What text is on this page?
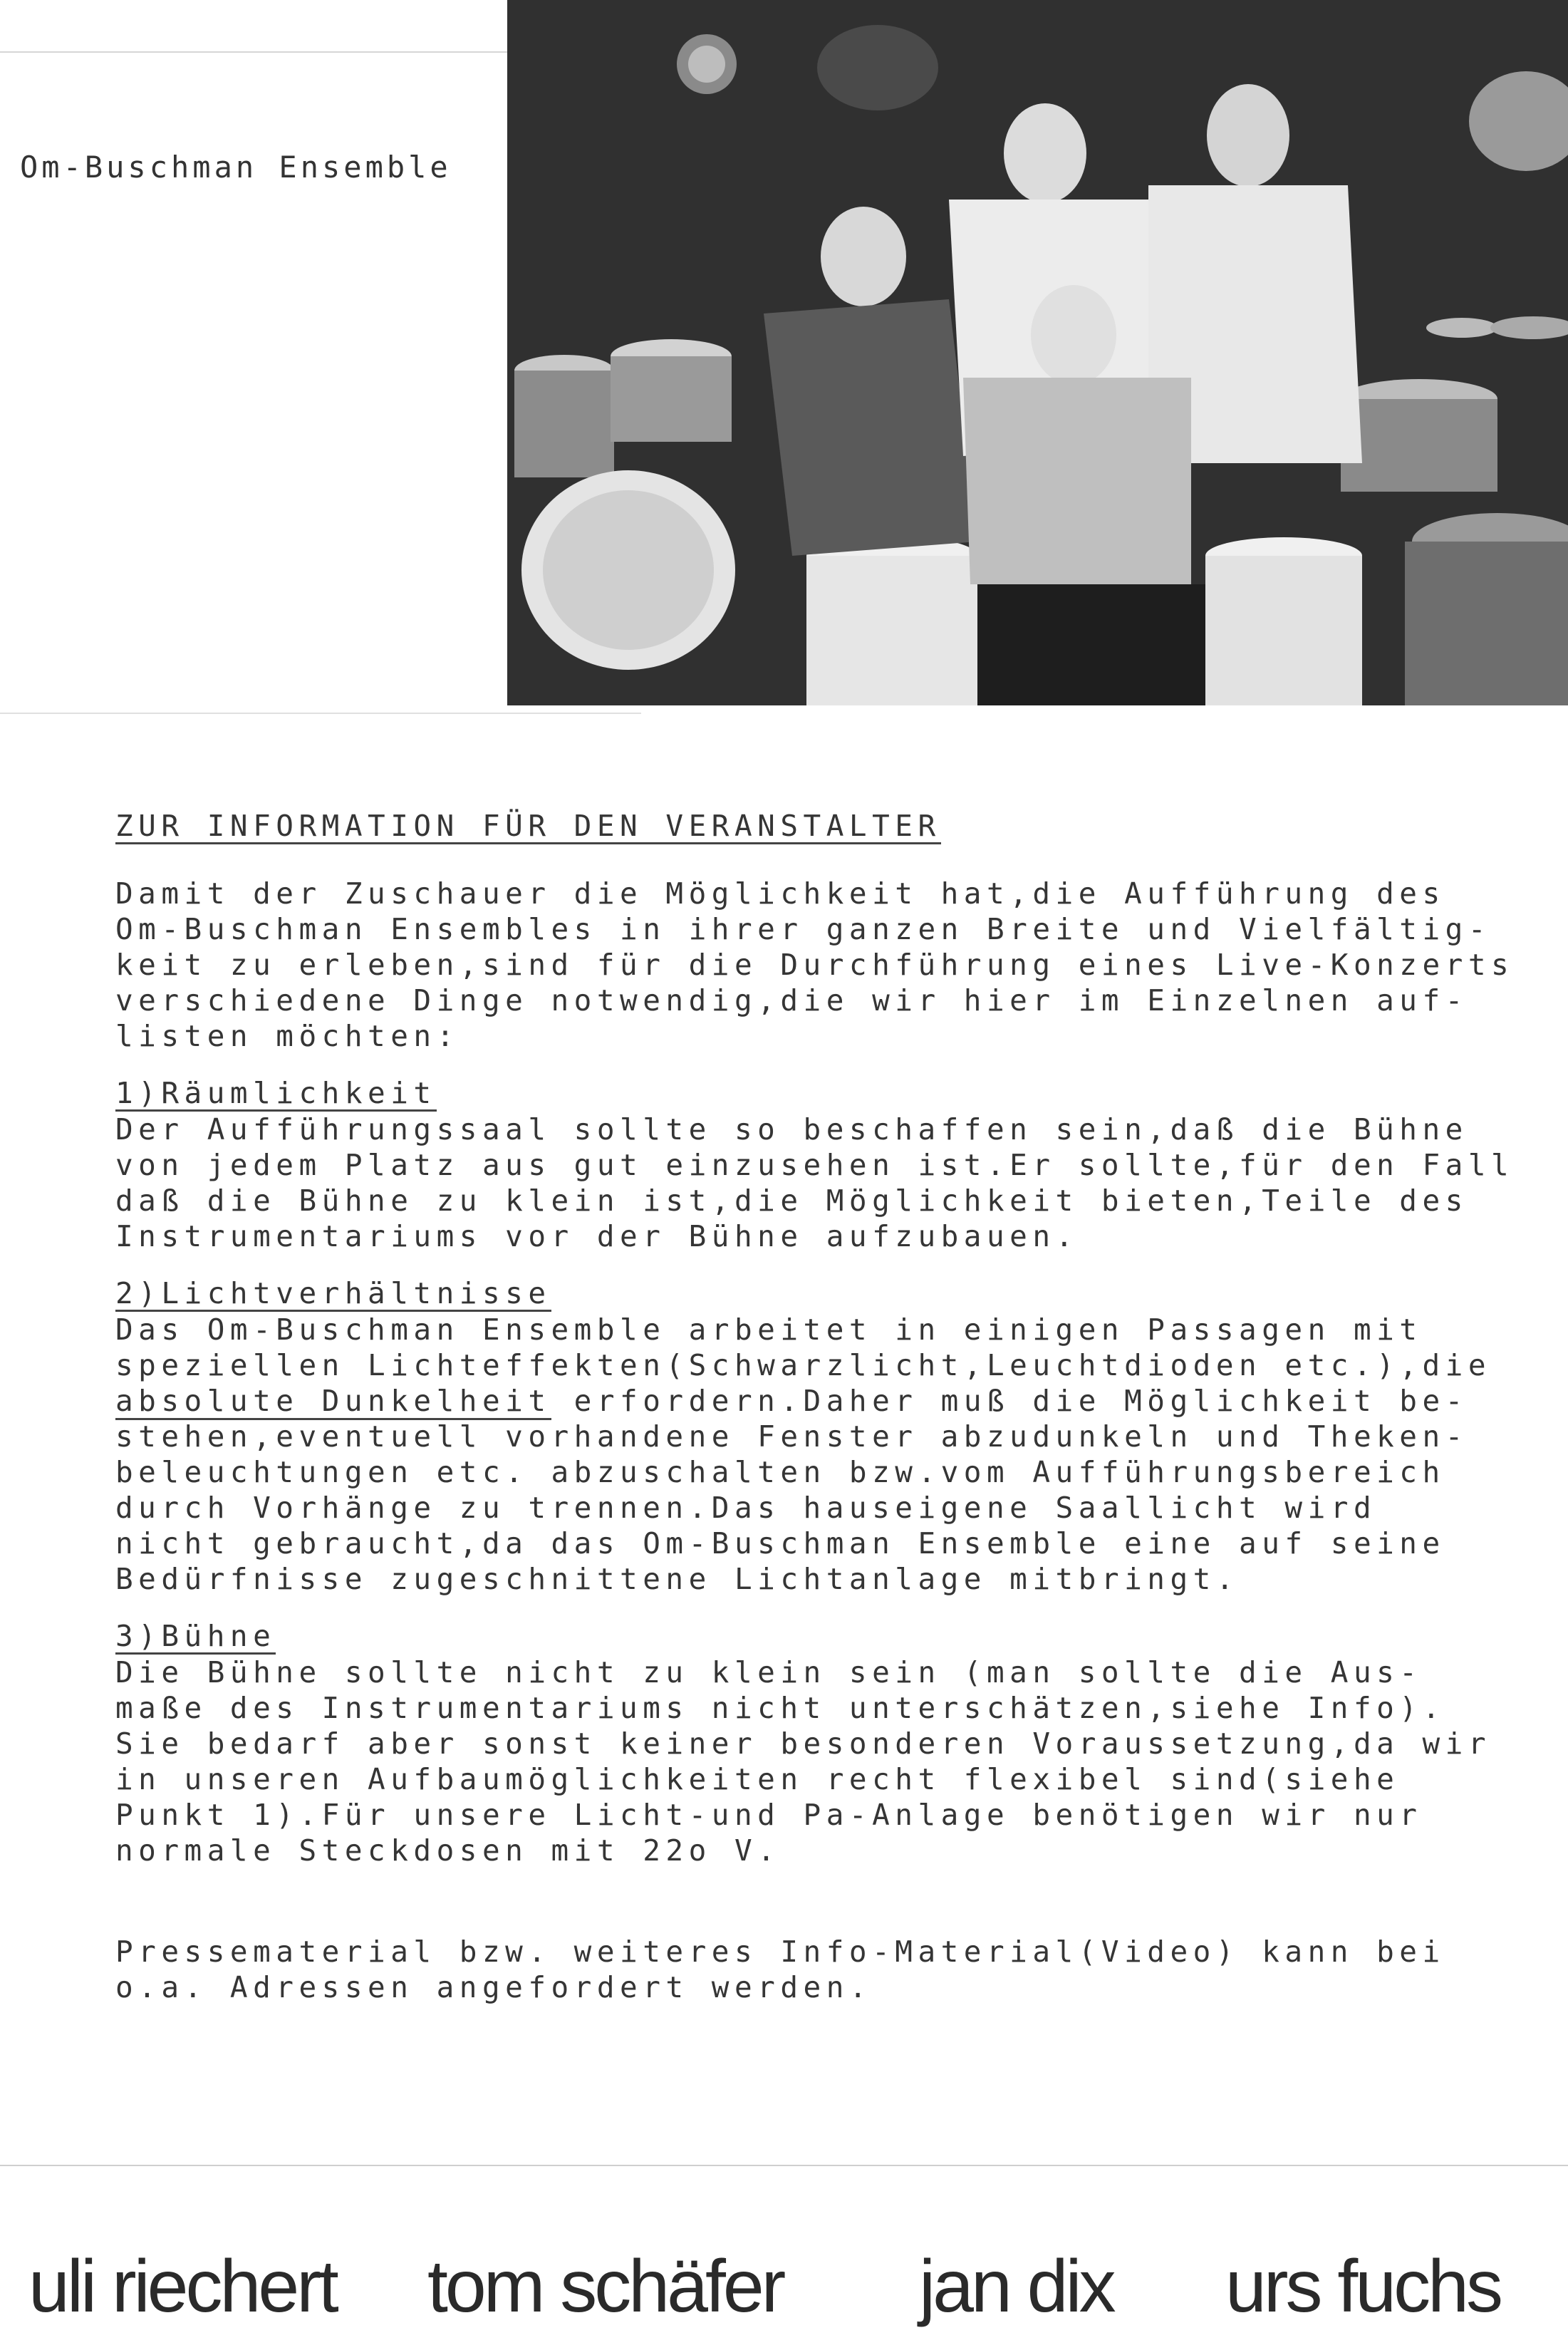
Om-Buschman Ensemble
ZUR INFORMATION FÜR DEN VERANSTALTER
Damit der Zuschauer die Möglichkeit hat,die Aufführung des
Om-Buschman Ensembles in ihrer ganzen Breite und Vielfältig-
keit zu erleben,sind für die Durchführung eines Live-Konzerts
verschiedene Dinge notwendig,die wir hier im Einzelnen auf-
listen möchten:
1)Räumlichkeit
Der Aufführungssaal sollte so beschaffen sein,daß die Bühne
von jedem Platz aus gut einzusehen ist.Er sollte,für den Fall
daß die Bühne zu klein ist,die Möglichkeit bieten,Teile des
Instrumentariums vor der Bühne aufzubauen.
2)Lichtverhältnisse
Das Om-Buschman Ensemble arbeitet in einigen Passagen mit
speziellen Lichteffekten(Schwarzlicht,Leuchtdioden etc.),die
absolute Dunkelheit erfordern.Daher muß die Möglichkeit be-
stehen,eventuell vorhandene Fenster abzudunkeln und Theken-
beleuchtungen etc. abzuschalten bzw.vom Aufführungsbereich
durch Vorhänge zu trennen.Das hauseigene Saallicht wird
nicht gebraucht,da das Om-Buschman Ensemble eine auf seine
Bedürfnisse zugeschnittene Lichtanlage mitbringt.
3)Bühne
Die Bühne sollte nicht zu klein sein (man sollte die Aus-
maße des Instrumentariums nicht unterschätzen,siehe Info).
Sie bedarf aber sonst keiner besonderen Voraussetzung,da wir
in unseren Aufbaumöglichkeiten recht flexibel sind(siehe
Punkt 1).Für unsere Licht-und Pa-Anlage benötigen wir nur
normale Steckdosen mit 22o V.
Pressematerial bzw. weiteres Info-Material(Video) kann bei
o.a. Adressen angefordert werden.
uli riechert tom schäfer jan dix urs fuchs
